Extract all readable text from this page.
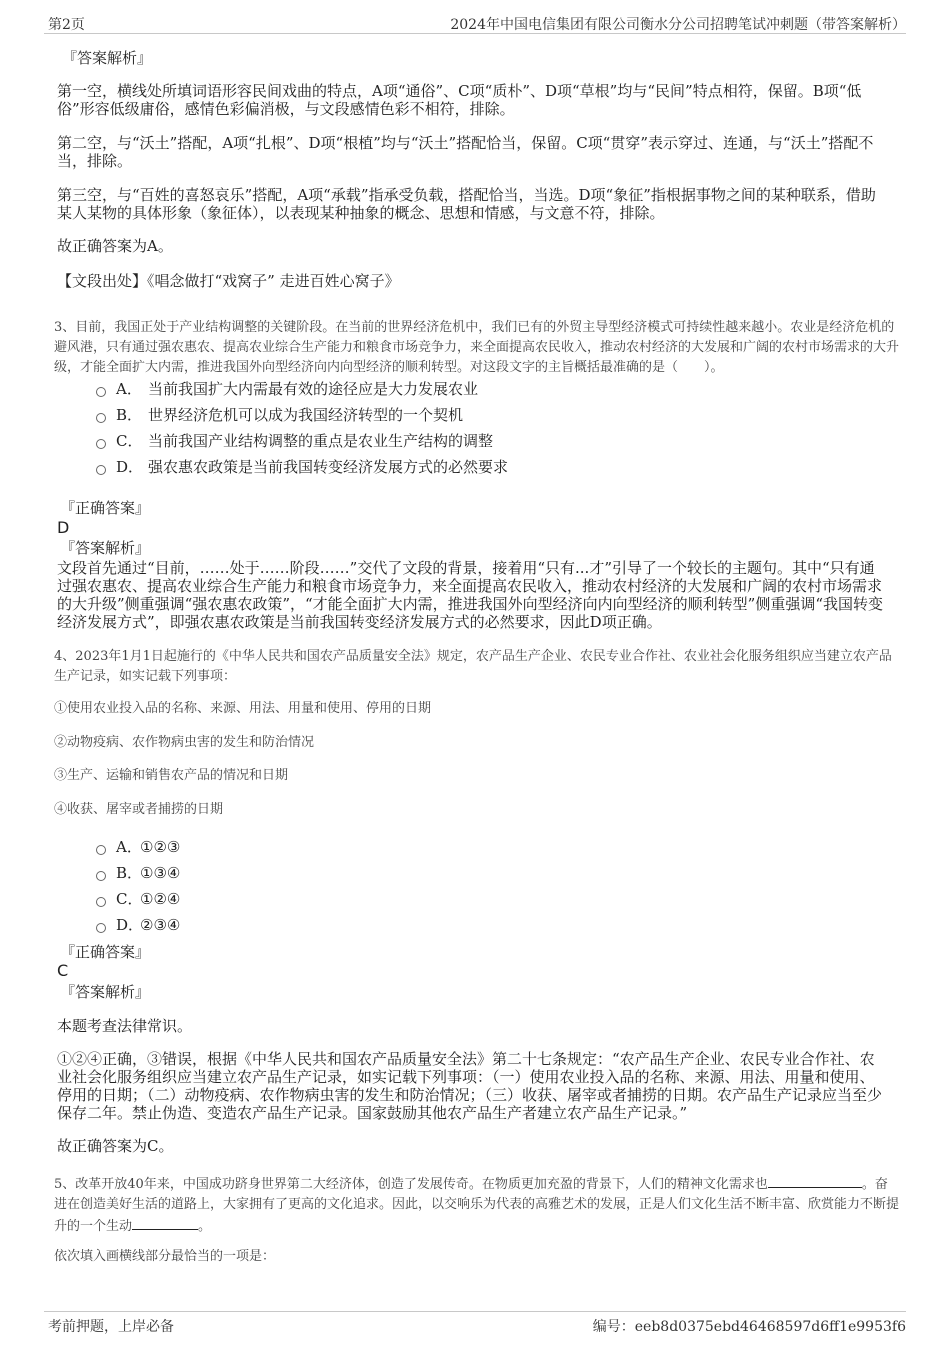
第2页	2024年中国电信集团有限公司衡水分公司招聘笔试冲刺题（带答案解析）
『答案解析』
第一空，横线处所填词语形容民间戏曲的特点，A项“通俗”、C项“质朴”、D项“草根”均与“民间”特点相符，保留。B项“低俗”形容低级庸俗，感情色彩偏消极，与文段感情色彩不相符，排除。
第二空，与“沃土”搭配，A项“扎根”、D项“根植”均与“沃土”搭配恰当，保留。C项“贯穿”表示穿过、连通，与“沃土”搭配不当，排除。
第三空，与“百姓的喜怒哀乐”搭配，A项“承载”指承受负载，搭配恰当，当选。D项“象征”指根据事物之间的某种联系，借助某人某物的具体形象（象征体），以表现某种抽象的概念、思想和情感，与文意不符，排除。
故正确答案为A。
【文段出处】《唱念做打“戏窝子” 走进百姓心窝子》
3、目前，我国正处于产业结构调整的关键阶段。在当前的世界经济危机中，我们已有的外贸主导型经济模式可持续性越来越小。农业是经济危机的避风港，只有通过强农惠农、提高农业综合生产能力和粮食市场竞争力，来全面提高农民收入，推动农村经济的大发展和广阔的农村市场需求的大升级，才能全面扩大内需，推进我国外向型经济向内向型经济的顺利转型。对这段文字的主旨概括最准确的是（　　）。
A． 当前我国扩大内需最有效的途径应是大力发展农业
B． 世界经济危机可以成为我国经济转型的一个契机
C． 当前我国产业结构调整的重点是农业生产结构的调整
D． 强农惠农政策是当前我国转变经济发展方式的必然要求
『正确答案』
D
『答案解析』
文段首先通过“目前，……处于……阶段……”交代了文段的背景，接着用“只有...才”引导了一个较长的主题句。其中“只有通过强农惠农、提高农业综合生产能力和粮食市场竞争力，来全面提高农民收入，推动农村经济的大发展和广阔的农村市场需求的大升级”侧重强调“强农惠农政策”，“才能全面扩大内需，推进我国外向型经济向内向型经济的顺利转型”侧重强调“我国转变经济发展方式”，即强农惠农政策是当前我国转变经济发展方式的必然要求，因此D项正确。
4、2023年1月1日起施行的《中华人民共和国农产品质量安全法》规定，农产品生产企业、农民专业合作社、农业社会化服务组织应当建立农产品生产记录，如实记载下列事项：
①使用农业投入品的名称、来源、用法、用量和使用、停用的日期
②动物疫病、农作物病虫害的发生和防治情况
③生产、运输和销售农产品的情况和日期
④收获、屠宰或者捕捞的日期
A．
①②③
B．
①③④
C．
①②④
D．
②③④
『正确答案』
C
『答案解析』
本题考查法律常识。
①②④正确，③错误，根据《中华人民共和国农产品质量安全法》第二十七条规定：“农产品生产企业、农民专业合作社、农业社会化服务组织应当建立农产品生产记录，如实记载下列事项：（一）使用农业投入品的名称、来源、用法、用量和使用、停用的日期；（二）动物疫病、农作物病虫害的发生和防治情况；（三）收获、屠宰或者捕捞的日期。农产品生产记录应当至少保存二年。禁止伪造、变造农产品生产记录。国家鼓励其他农产品生产者建立农产品生产记录。”
故正确答案为C。
5、改革开放40年来，中国成功跻身世界第二大经济体，创造了发展传奇。在物质更加充盈的背景下，人们的精神文化需求也	。奋进在创造美好生活的道路上，大家拥有了更高的文化追求。因此，以交响乐为代表的高雅艺术的发展，正是人们文化生活不断丰富、欣赏能力不断提升的一个生动	。
依次填入画横线部分最恰当的一项是：
考前押题，上岸必备	编号：eeb8d0375ebd46468597d6ff1e9953f6
